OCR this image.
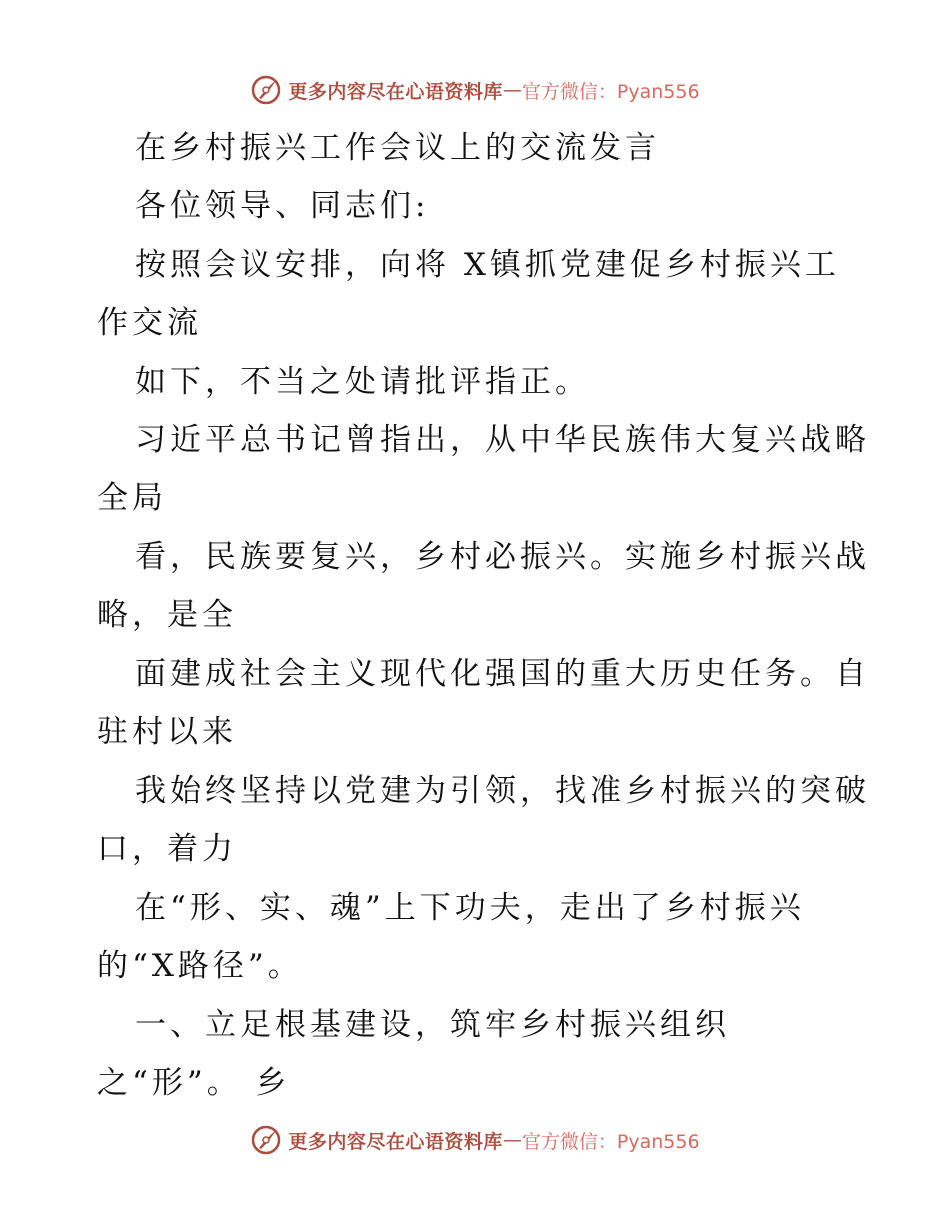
更多内容尽在心语资料库 — 官方微信：Pyan556
在乡村振兴工作会议上的交流发言
各位领导、同志们:
按照会议安排，向将 X镇抓党建促乡村振兴工
作交流
如下，不当之处请批评指正。
习近平总书记曾指出，从中华民族伟大复兴战略
全局
看，民族要复兴，乡村必振兴。实施乡村振兴战
略，是全
面建成社会主义现代化强国的重大历史任务。自
驻村以来
我始终坚持以党建为引领，找准乡村振兴的突破
口，着力
在“形、实、魂”上下功夫，走出了乡村振兴
的“X路径”。
一、立足根基建设，筑牢乡村振兴组织
之“形”。 乡
更多内容尽在心语资料库 — 官方微信：Pyan556
